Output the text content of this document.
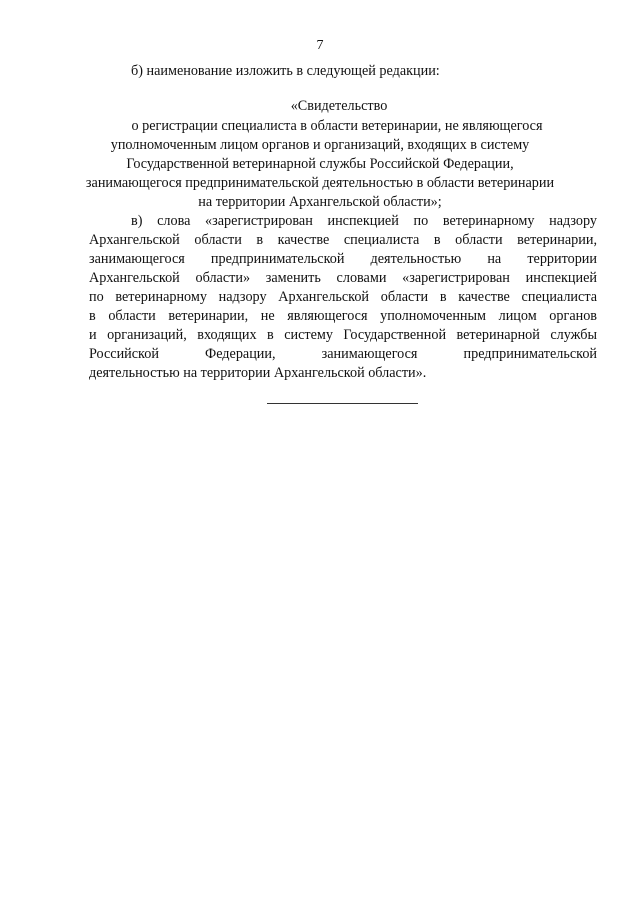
7
б) наименование изложить в следующей редакции:
«Свидетельство
о регистрации специалиста в области ветеринарии, не являющегося
уполномоченным лицом органов и организаций, входящих в систему
Государственной ветеринарной службы Российской Федерации,
занимающегося предпринимательской деятельностью в области ветеринарии
на территории Архангельской области»;
в) слова «зарегистрирован инспекцией по ветеринарному надзору
Архангельской области в качестве специалиста в области ветеринарии,
занимающегося предпринимательской деятельностью на территории
Архангельской области» заменить словами «зарегистрирован инспекцией
по ветеринарному надзору Архангельской области в качестве специалиста
в области ветеринарии, не являющегося уполномоченным лицом органов
и организаций, входящих в систему Государственной ветеринарной службы
Российской Федерации, занимающегося предпринимательской
деятельностью на территории Архангельской области».
